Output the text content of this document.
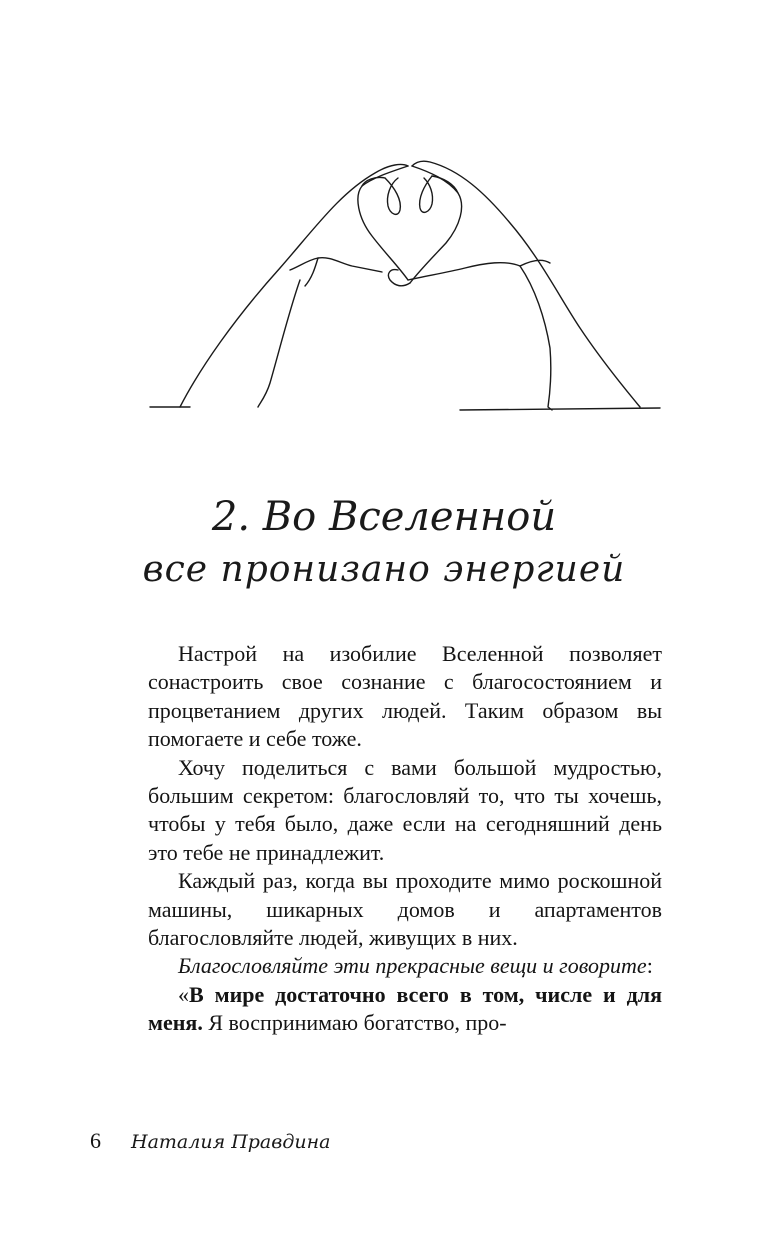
2. Во Вселенной
все пронизано энергией

Настрой на изобилие Вселенной позволяет сонастроить свое сознание с благосостоянием и процветанием других людей. Таким образом вы помогаете и себе тоже.

Хочу поделиться с вами большой мудростью, большим секретом: благословляй то, что ты хочешь, чтобы у тебя было, даже если на сегодняшний день это тебе не принадлежит.

Каждый раз, когда вы проходите мимо роскошной машины, шикарных домов и апартаментов благословляйте людей, живущих в них.

Благословляйте эти прекрасные вещи и говорите:

«В мире достаточно всего в том, числе и для меня. Я воспринимаю богатство, про-

6 Наталия Правдина
